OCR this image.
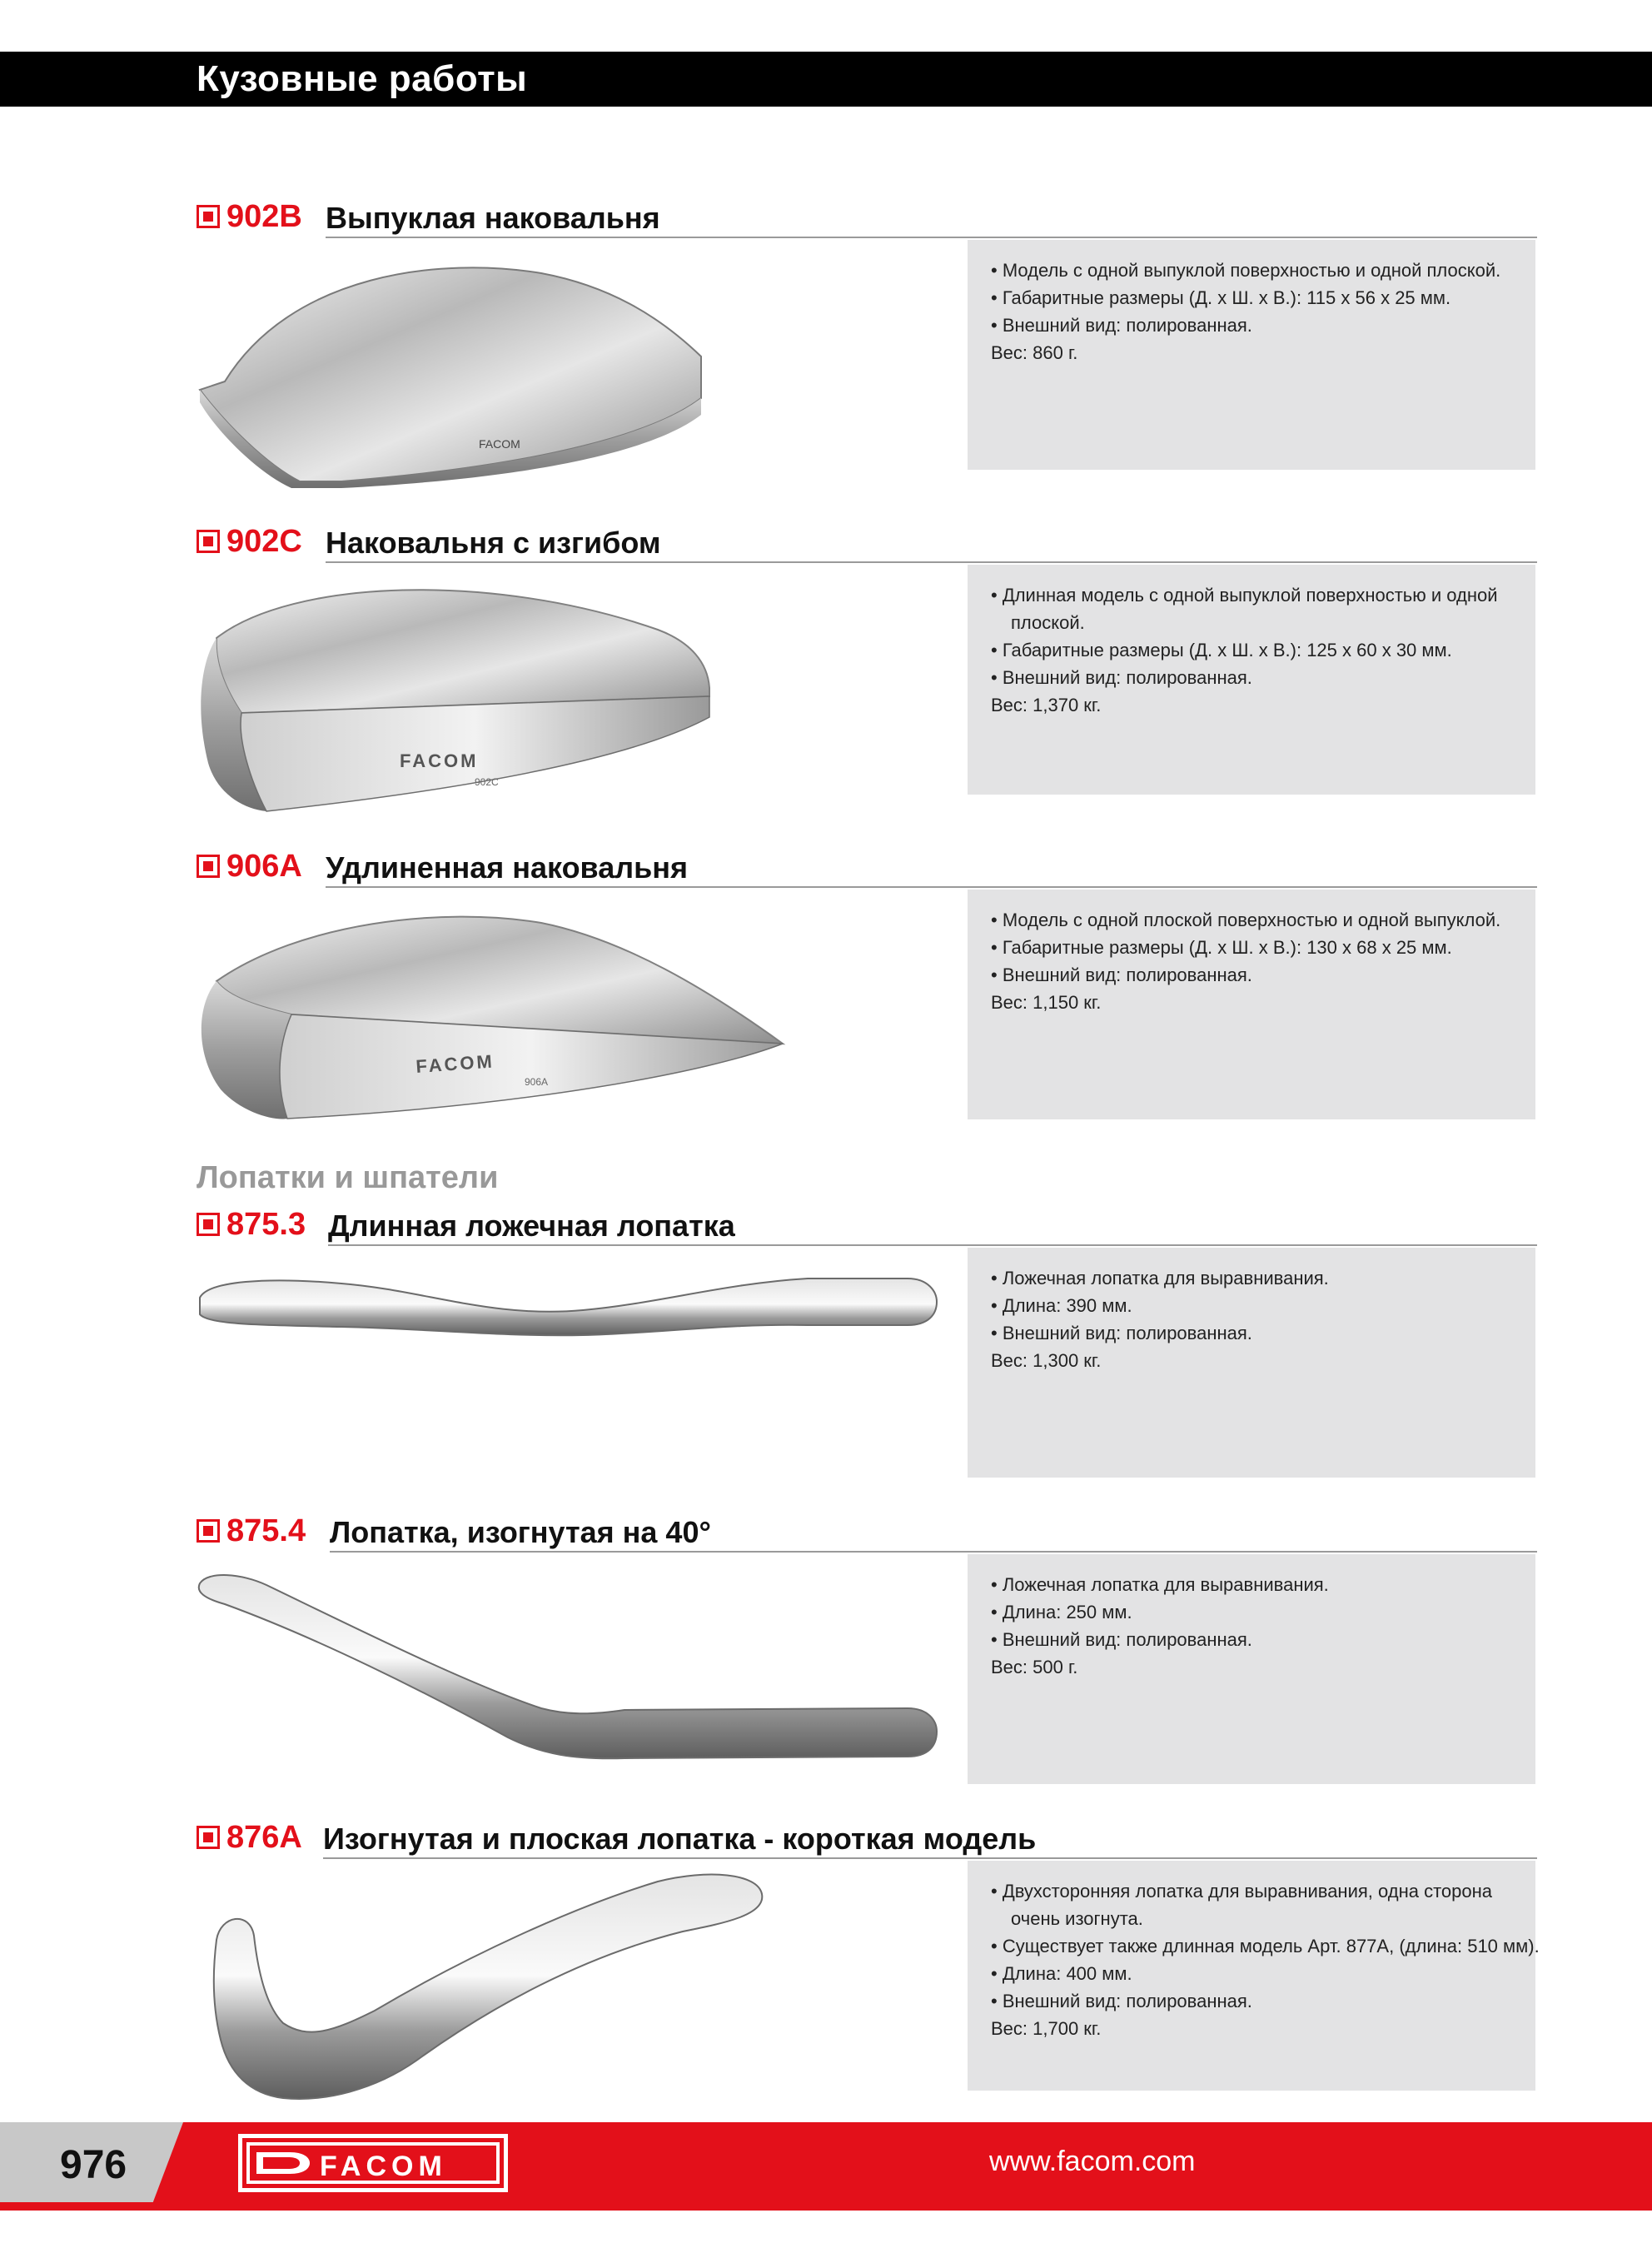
Кузовные работы
902B Выпуклая наковальня
FACOM
• Модель с одной выпуклой поверхностью и одной плоской.
• Габаритные размеры (Д. х Ш. х В.): 115 x 56 x 25 мм.
• Внешний вид: полированная.
Вес: 860 г.
902C Наковальня с изгибом
FACOM
902C
• Длинная модель с одной выпуклой поверхностью и одной
плоской.
• Габаритные размеры (Д. х Ш. х В.): 125 x 60 x 30 мм.
• Внешний вид: полированная.
Вес: 1,370 кг.
906A Удлиненная наковальня
FACOM
906A
• Модель с одной плоской поверхностью и одной выпуклой.
• Габаритные размеры (Д. х Ш. х В.): 130 x 68 x 25 мм.
• Внешний вид: полированная.
Вес: 1,150 кг.
Лопатки и шпатели
875.3 Длинная ложечная лопатка
• Ложечная лопатка для выравнивания.
• Длина: 390 мм.
• Внешний вид: полированная.
Вес: 1,300 кг.
875.4 Лопатка, изогнутая на 40°
• Ложечная лопатка для выравнивания.
• Длина: 250 мм.
• Внешний вид: полированная.
Вес: 500 г.
876A Изогнутая и плоская лопатка - короткая модель
• Двухсторонняя лопатка для выравнивания, одна сторона
очень изогнута.
• Существует также длинная модель Арт. 877A, (длина: 510 мм).
• Длина: 400 мм.
• Внешний вид: полированная.
Вес: 1,700 кг.
976	FACOM	www.facom.com
